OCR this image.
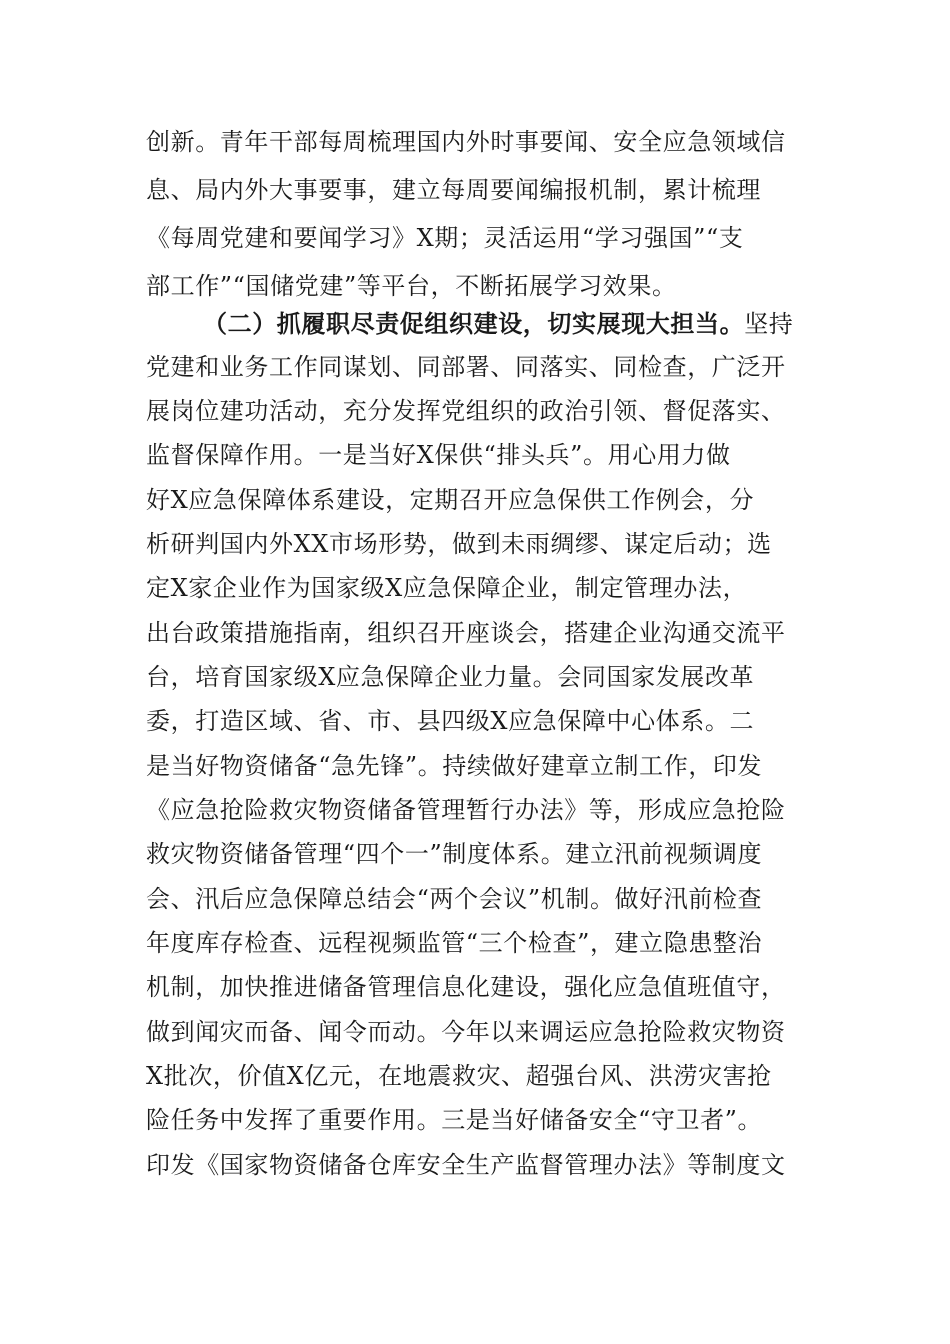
创新。青年干部每周梳理国内外时事要闻、安全应急领域信
息、局内外大事要事，建立每周要闻编报机制，累计梳理
《每周党建和要闻学习》X期；灵活运用“学习强国”“支
部工作”“国储党建”等平台，不断拓展学习效果。
（二）抓履职尽责促组织建设，切实展现大担当。坚持
党建和业务工作同谋划、同部署、同落实、同检查，广泛开
展岗位建功活动，充分发挥党组织的政治引领、督促落实、
监督保障作用。一是当好X保供“排头兵”。用心用力做
好X应急保障体系建设，定期召开应急保供工作例会，分
析研判国内外XX市场形势，做到未雨绸缪、谋定后动；选
定X家企业作为国家级X应急保障企业，制定管理办法，
出台政策措施指南，组织召开座谈会，搭建企业沟通交流平
台，培育国家级X应急保障企业力量。会同国家发展改革
委，打造区域、省、市、县四级X应急保障中心体系。二
是当好物资储备“急先锋”。持续做好建章立制工作，印发
《应急抢险救灾物资储备管理暂行办法》等，形成应急抢险
救灾物资储备管理“四个一”制度体系。建立汛前视频调度
会、汛后应急保障总结会“两个会议”机制。做好汛前检查
年度库存检查、远程视频监管“三个检查”，建立隐患整治
机制，加快推进储备管理信息化建设，强化应急值班值守，
做到闻灾而备、闻令而动。今年以来调运应急抢险救灾物资
X批次，价值X亿元，在地震救灾、超强台风、洪涝灾害抢
险任务中发挥了重要作用。三是当好储备安全“守卫者”。
印发《国家物资储备仓库安全生产监督管理办法》等制度文
